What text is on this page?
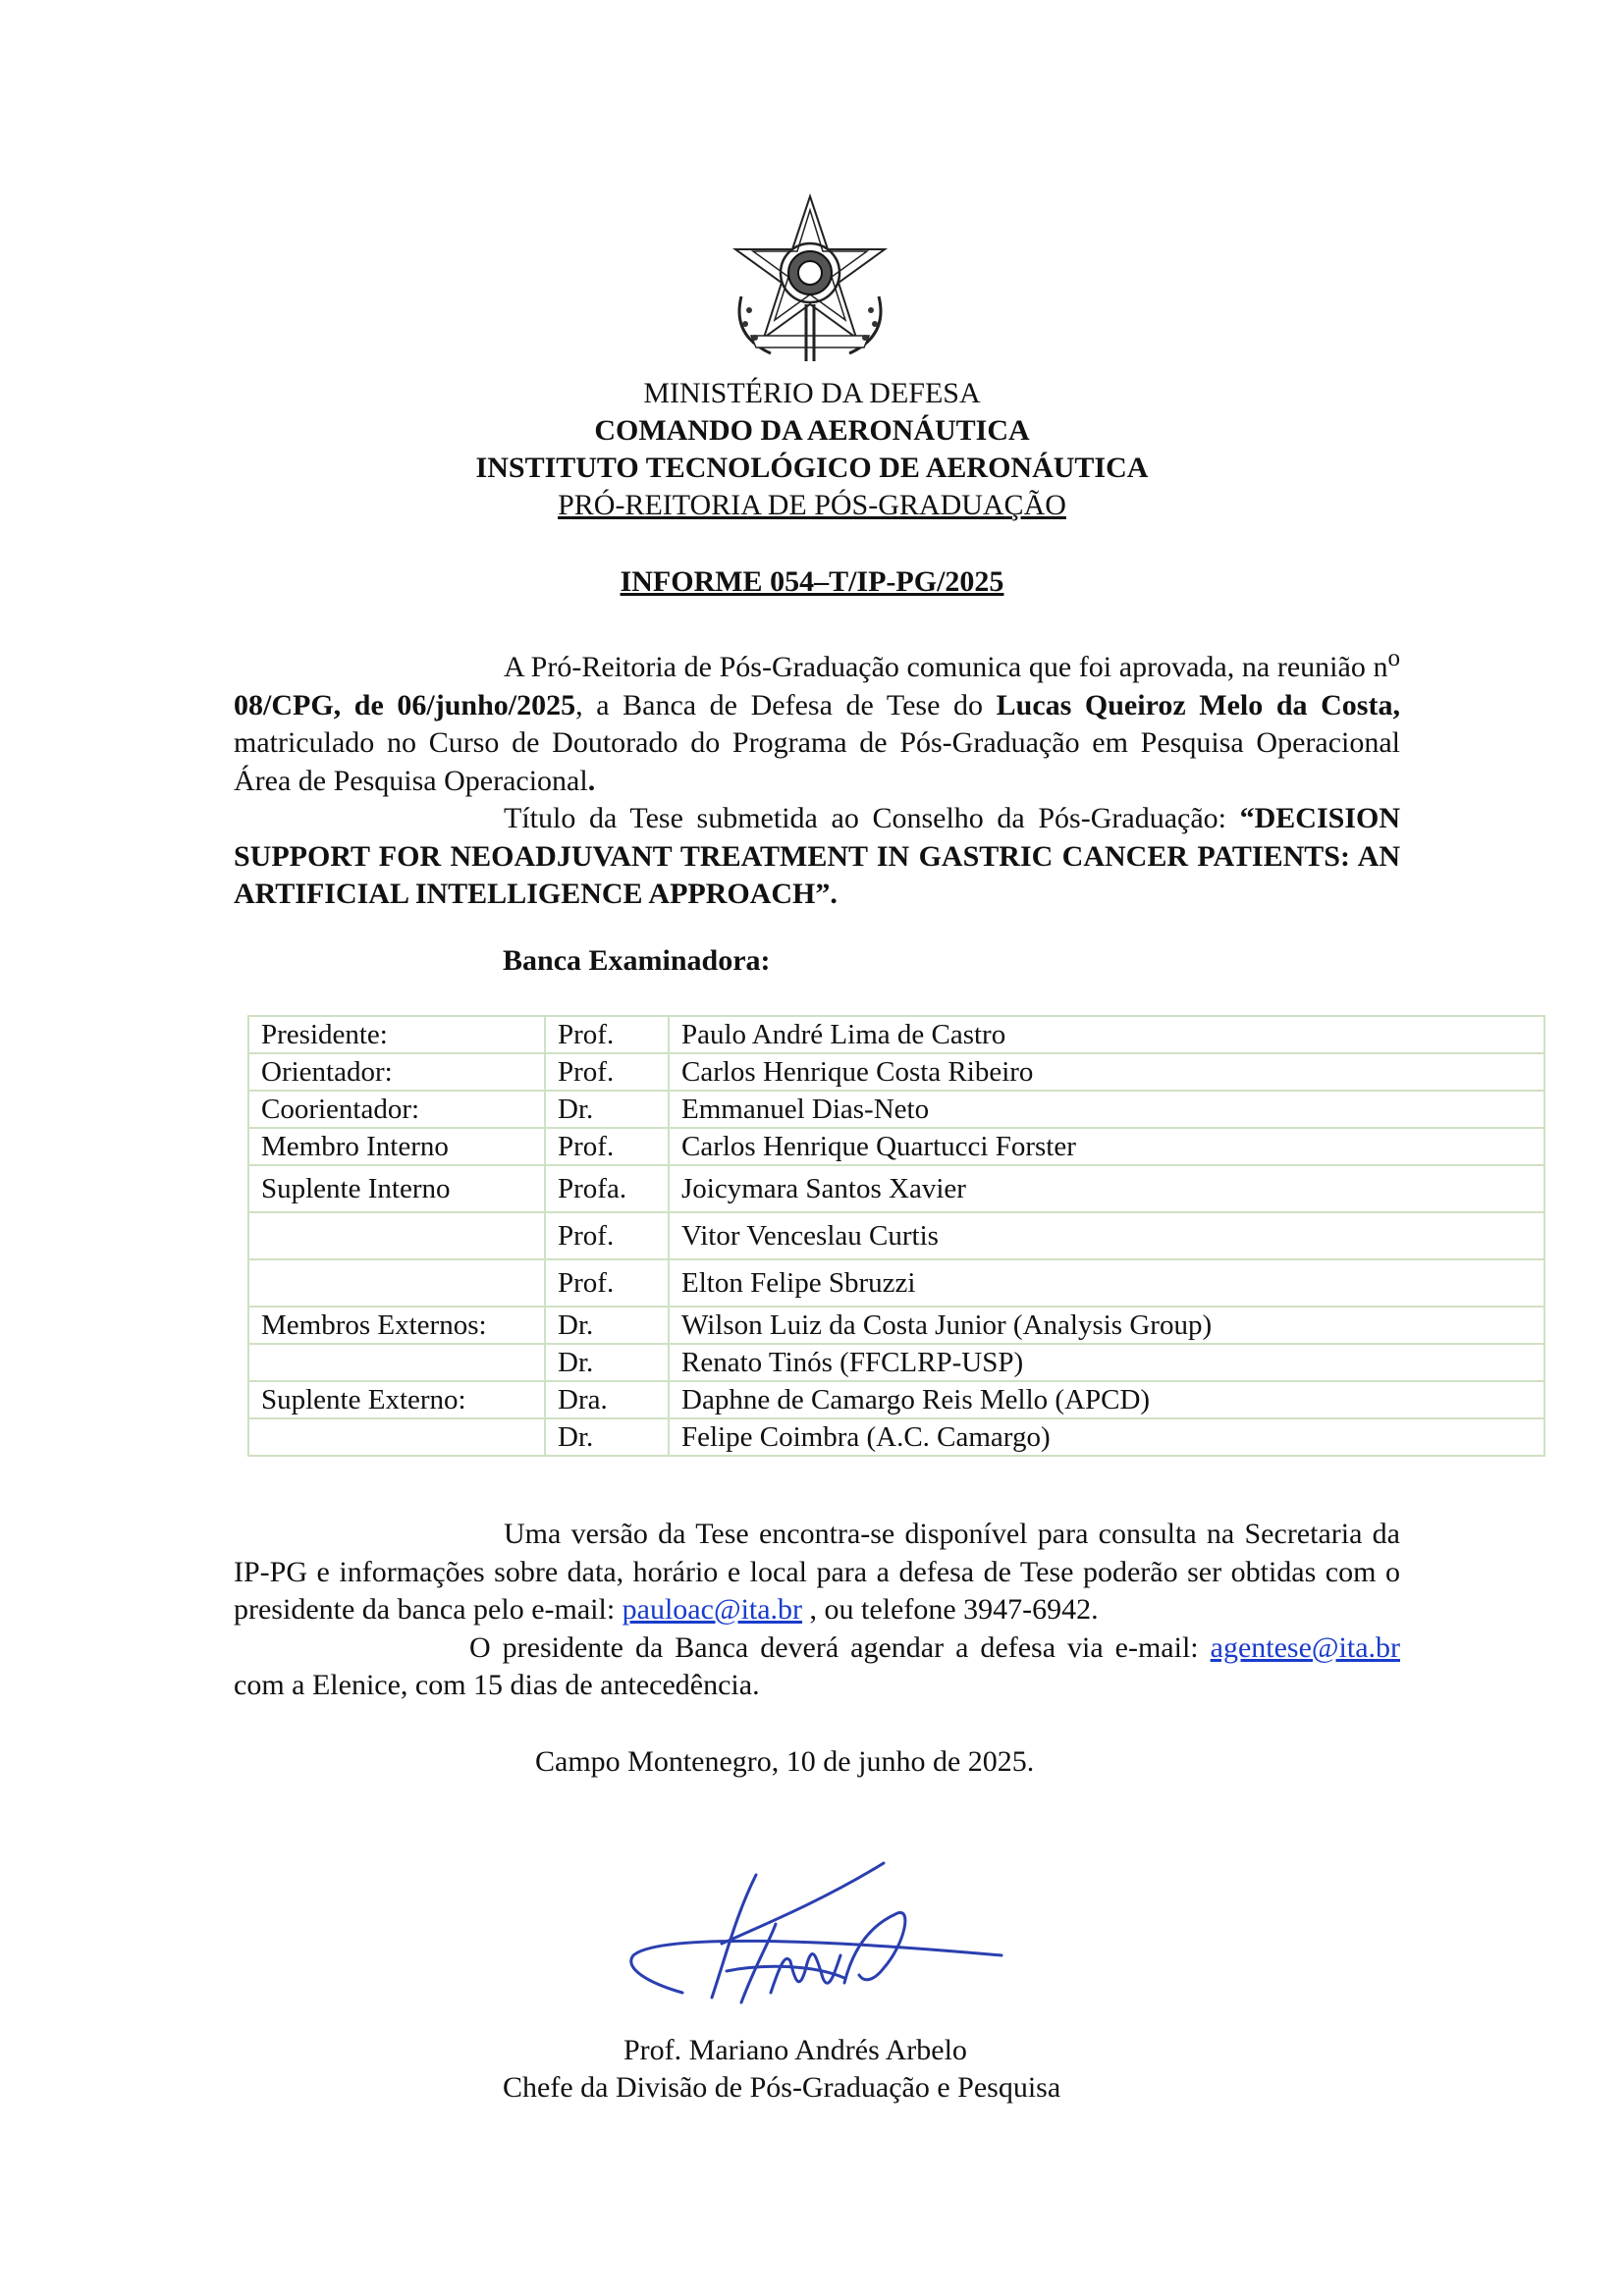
MINISTÉRIO DA DEFESA
COMANDO DA AERONÁUTICA
INSTITUTO TECNOLÓGICO DE AERONÁUTICA
PRÓ-REITORIA DE PÓS-GRADUAÇÃO
INFORME 054–T/IP-PG/2025

A Pró-Reitoria de Pós-Graduação comunica que foi aprovada, na reunião $n^o$ 08/CPG, de 06/junho/2025, a Banca de Defesa de Tese do Lucas Queiroz Melo da Costa, matriculado no Curso de Doutorado do Programa de Pós-Graduação em Pesquisa Operacional Área de Pesquisa Operacional.

Título da Tese submetida ao Conselho da Pós-Graduação: “DECISION SUPPORT FOR NEOADJUVANT TREATMENT IN GASTRIC CANCER PATIENTS: AN ARTIFICIAL INTELLIGENCE APPROACH”.

Banca Examinadora:
Presidente:	Prof.	Paulo André Lima de Castro
Orientador:	Prof.	Carlos Henrique Costa Ribeiro
Coorientador:	Dr.	Emmanuel Dias-Neto
Membro Interno	Prof.	Carlos Henrique Quartucci Forster
Suplente Interno	Profa.	Joicymara Santos Xavier
	Prof.	Vitor Venceslau Curtis
	Prof.	Elton Felipe Sbruzzi
Membros Externos:	Dr.	Wilson Luiz da Costa Junior (Analysis Group)
	Dr.	Renato Tinós (FFCLRP-USP)
Suplente Externo:	Dra.	Daphne de Camargo Reis Mello (APCD)
	Dr.	Felipe Coimbra (A.C. Camargo)

Uma versão da Tese encontra-se disponível para consulta na Secretaria da IP-PG e informações sobre data, horário e local para a defesa de Tese poderão ser obtidas com o presidente da banca pelo e-mail: pauloac@ita.br , ou telefone 3947-6942.

O presidente da Banca deverá agendar a defesa via e-mail: agentese@ita.br com a Elenice, com 15 dias de antecedência.

Campo Montenegro, 10 de junho de 2025.
Prof. Mariano Andrés Arbelo
Chefe da Divisão de Pós-Graduação e Pesquisa
